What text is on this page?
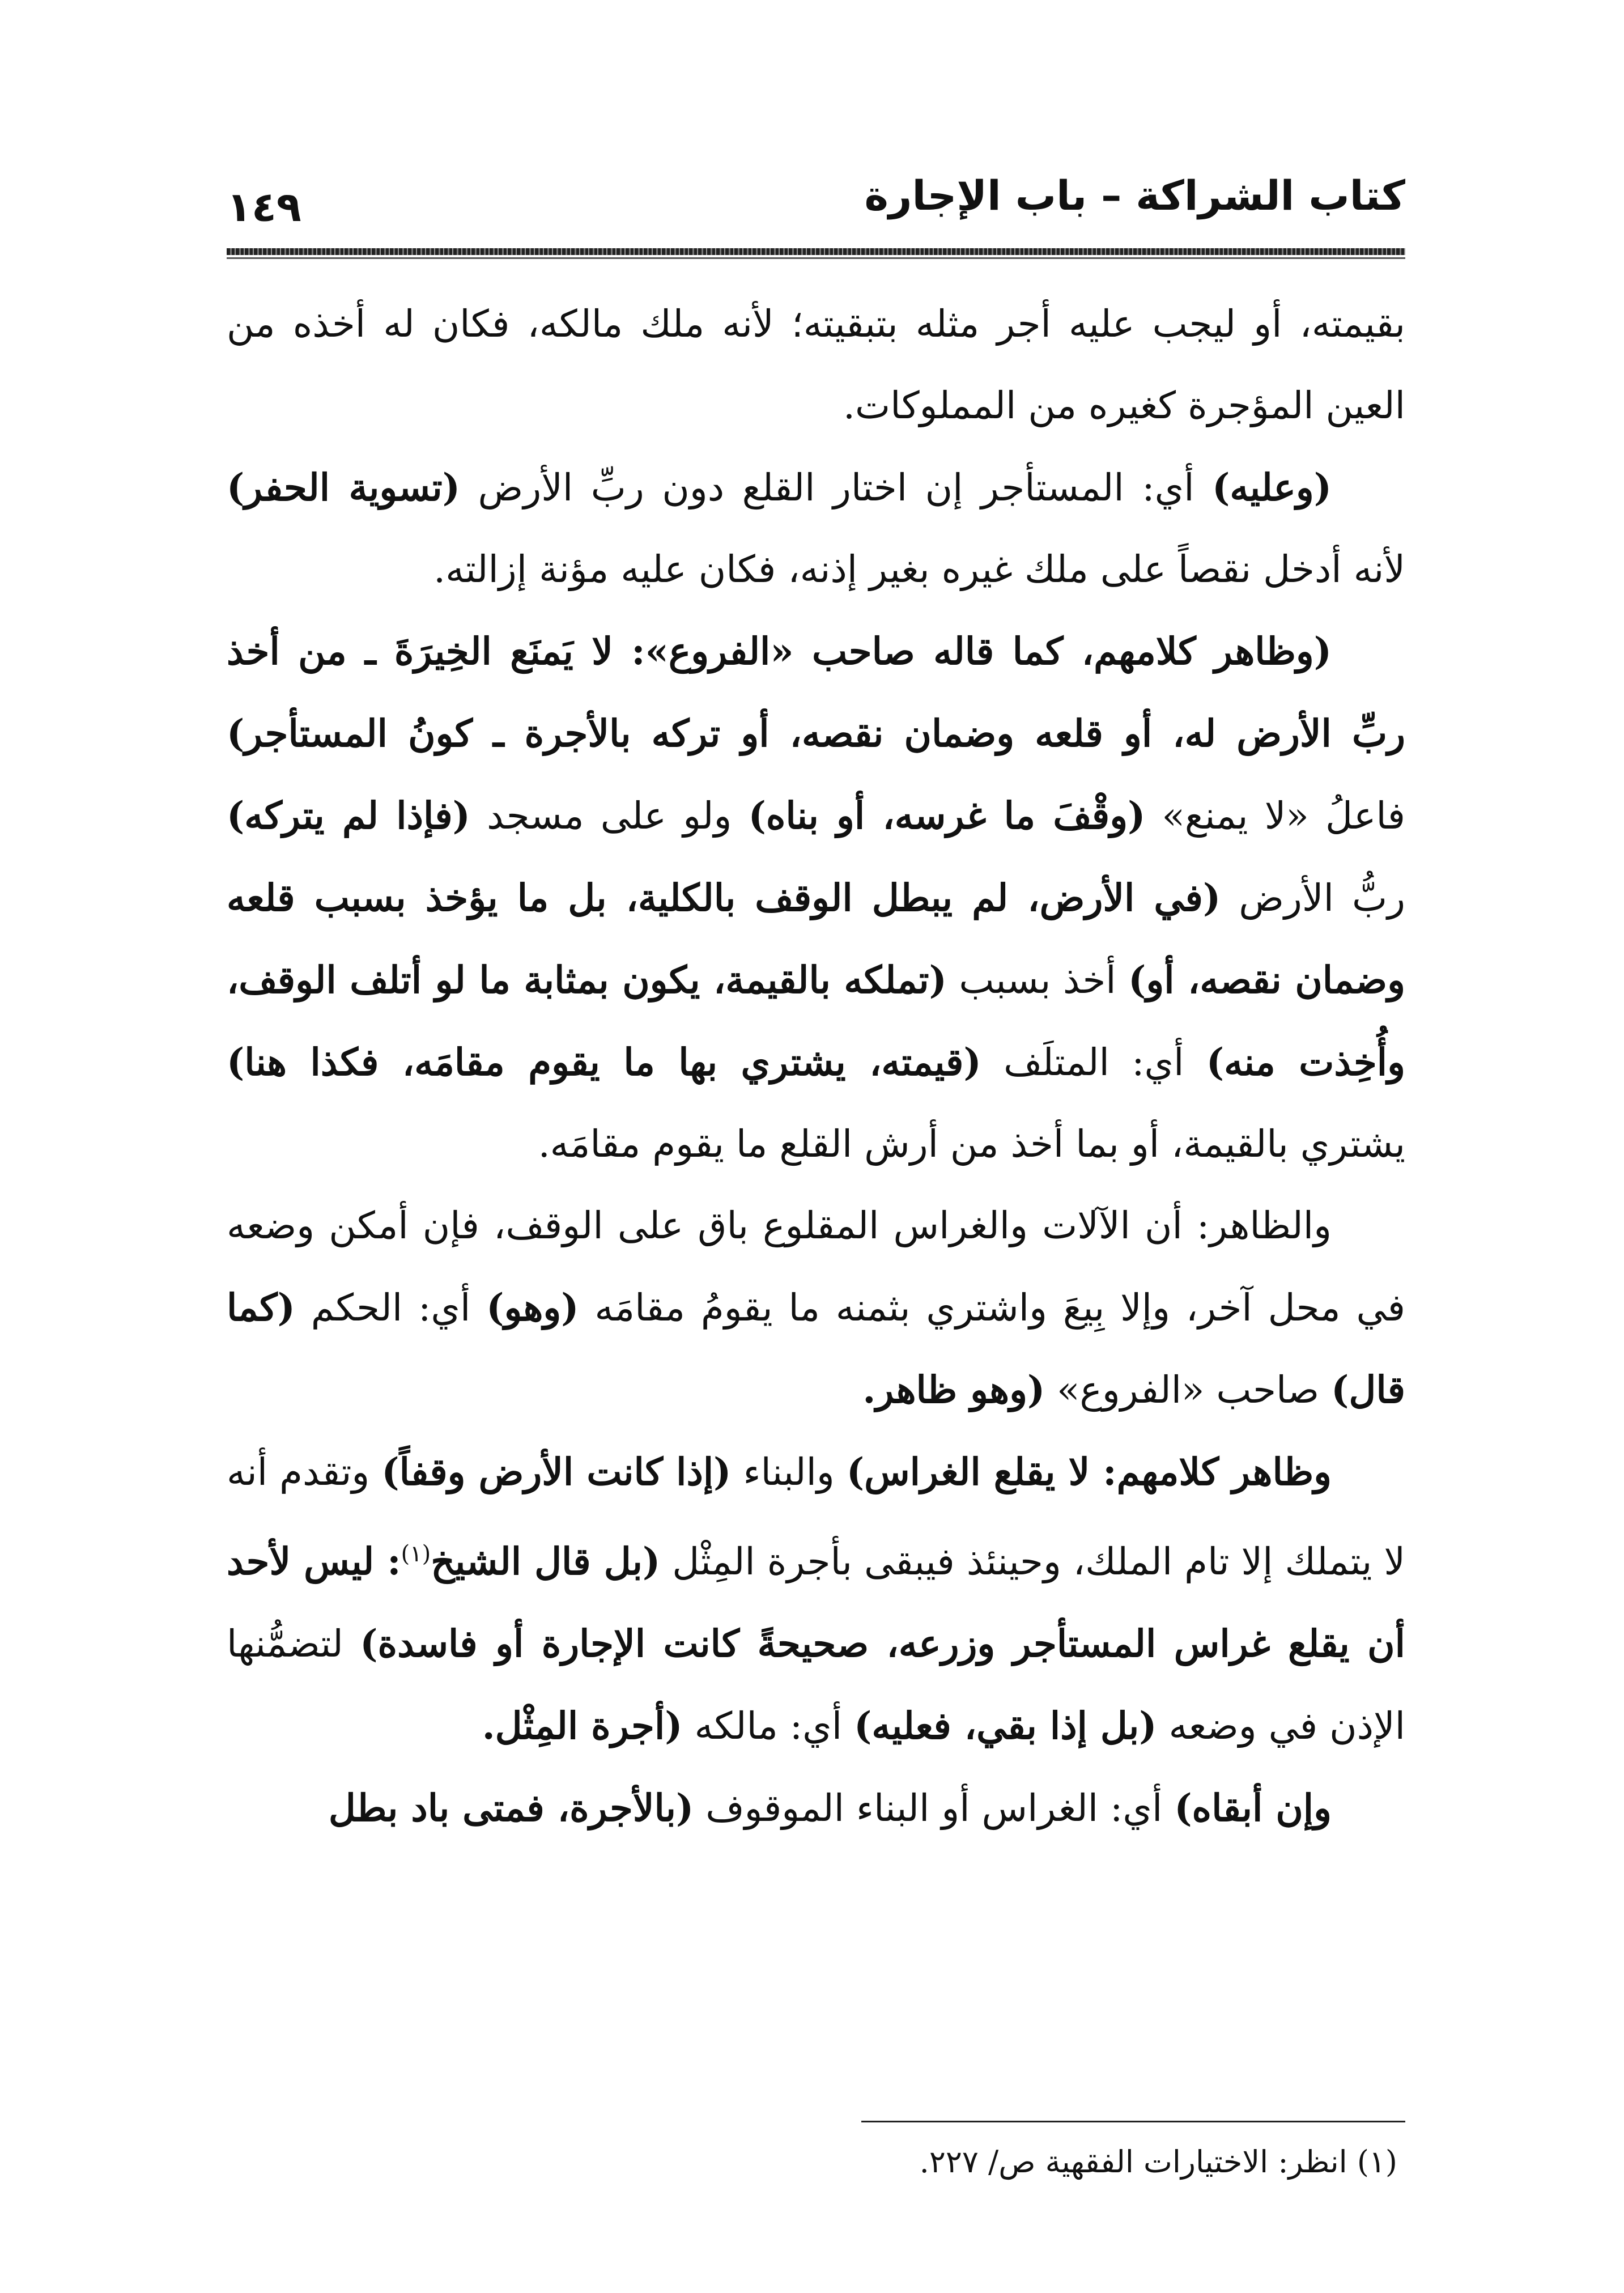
كتاب الشراكة – باب الإجارة
١٤٩

بقيمته، أو ليجب عليه أجر مثله بتبقيته؛ لأنه ملك مالكه، فكان له أخذه من العين المؤجرة كغيره من المملوكات.

(وعليه) أي: المستأجر إن اختار القلع دون ربِّ الأرض (تسوية الحفر) لأنه أدخل نقصاً على ملك غيره بغير إذنه، فكان عليه مؤنة إزالته.

(وظاهر كلامهم، كما قاله صاحب «الفروع»: لا يَمنَع الخِيرَةَ ـ من أخذ ربِّ الأرض له، أو قلعه وضمان نقصه، أو تركه بالأجرة ـ كونُ المستأجر) فاعلُ «لا يمنع» (وقْفَ ما غرسه، أو بناه) ولو على مسجد (فإذا لم يتركه) ربُّ الأرض (في الأرض، لم يبطل الوقف بالكلية، بل ما يؤخذ بسبب قلعه وضمان نقصه، أو) أخذ بسبب (تملكه بالقيمة، يكون بمثابة ما لو أتلف الوقف، وأُخِذت منه) أي: المتلَف (قيمته، يشتري بها ما يقوم مقامَه، فكذا هنا) يشتري بالقيمة، أو بما أخذ من أرش القلع ما يقوم مقامَه.

والظاهر: أن الآلات والغراس المقلوع باق على الوقف، فإن أمكن وضعه في محل آخر، وإلا بِيعَ واشتري بثمنه ما يقومُ مقامَه (وهو) أي: الحكم (كما قال) صاحب «الفروع» (وهو ظاهر.

وظاهر كلامهم: لا يقلع الغراس) والبناء (إذا كانت الأرض وقفاً) وتقدم أنه لا يتملك إلا تام الملك، وحينئذ فيبقى بأجرة المِثْل (بل قال الشيخ$^{(١)}$: ليس لأحد أن يقلع غراس المستأجر وزرعه، صحيحةً كانت الإجارة أو فاسدة) لتضمُّنها الإذن في وضعه (بل إذا بقي، فعليه) أي: مالكه (أجرة المِثْل.

وإن أبقاه) أي: الغراس أو البناء الموقوف (بالأجرة، فمتى باد بطل

(١) انظر: الاختيارات الفقهية ص/ ٢٢٧.
